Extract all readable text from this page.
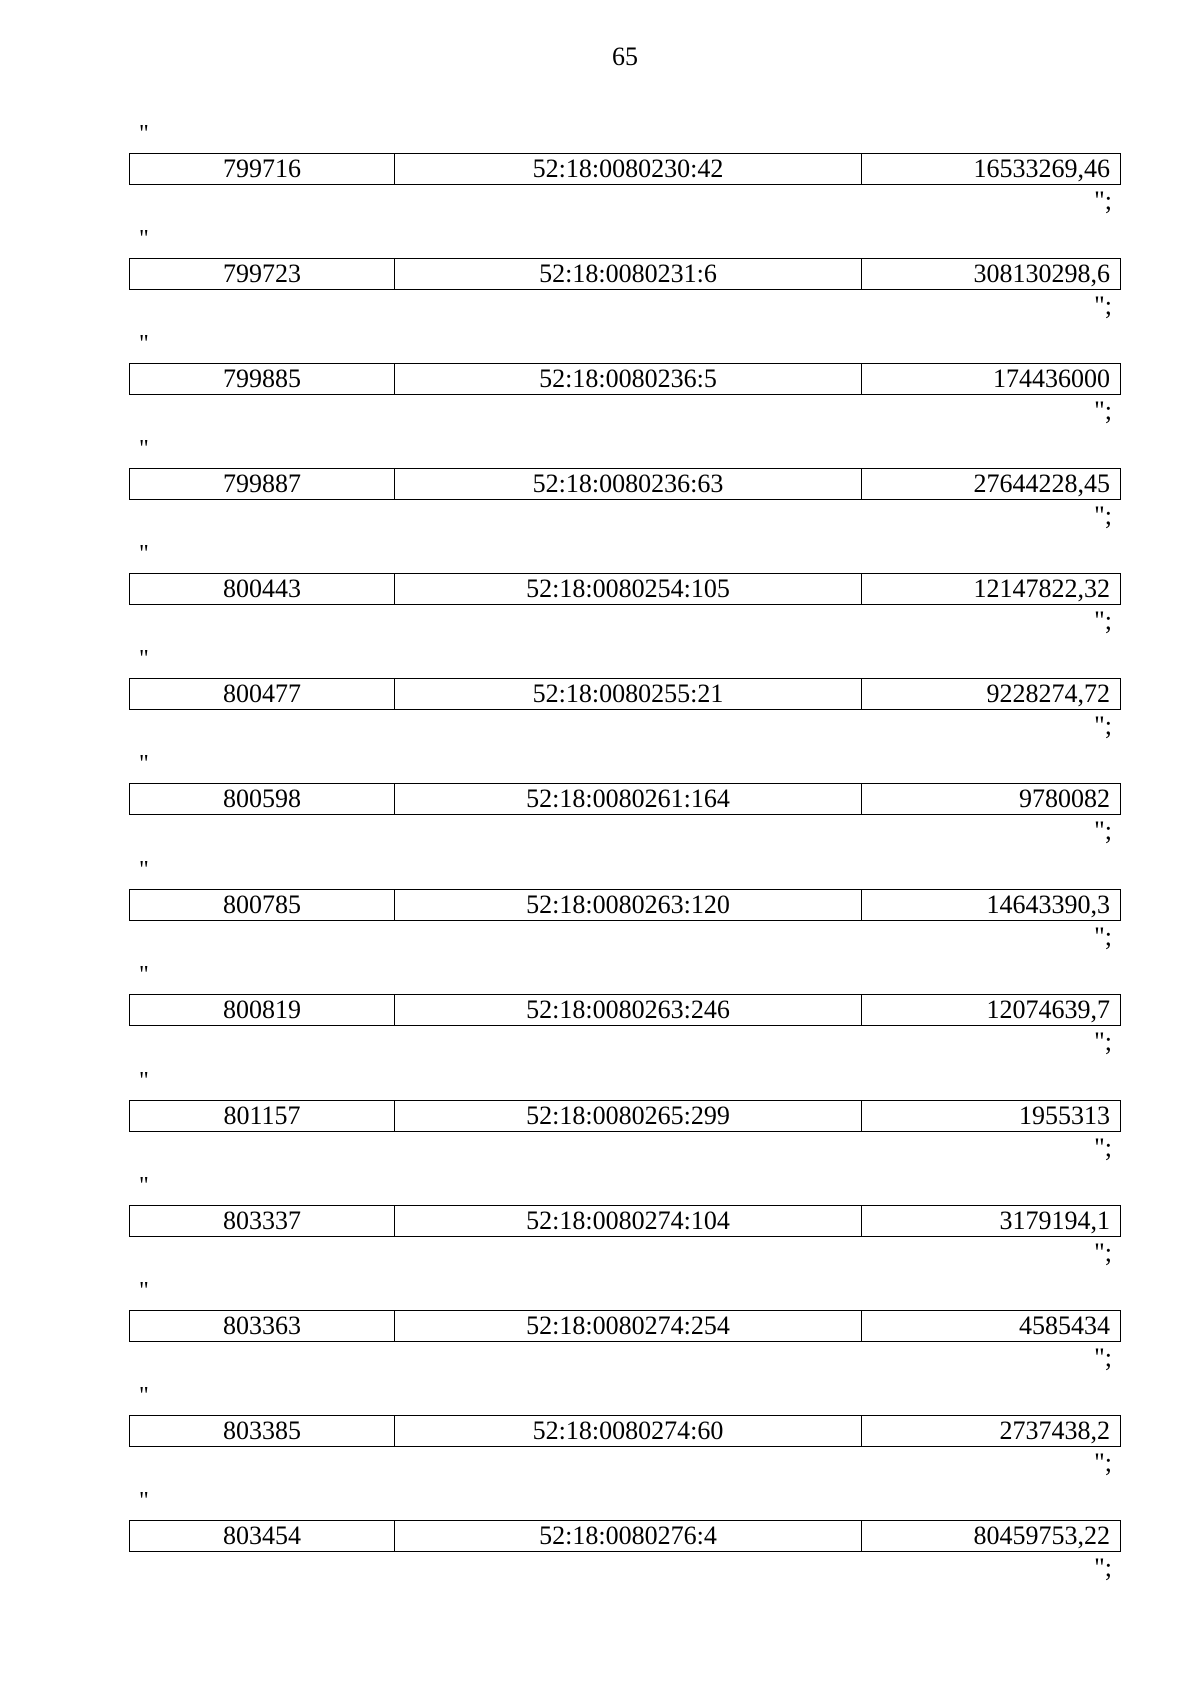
65
"
799716	52:18:0080230:42	16533269,46
";
"
799723	52:18:0080231:6	308130298,6
";
"
799885	52:18:0080236:5	174436000
";
"
799887	52:18:0080236:63	27644228,45
";
"
800443	52:18:0080254:105	12147822,32
";
"
800477	52:18:0080255:21	9228274,72
";
"
800598	52:18:0080261:164	9780082
";
"
800785	52:18:0080263:120	14643390,3
";
"
800819	52:18:0080263:246	12074639,7
";
"
801157	52:18:0080265:299	1955313
";
"
803337	52:18:0080274:104	3179194,1
";
"
803363	52:18:0080274:254	4585434
";
"
803385	52:18:0080274:60	2737438,2
";
"
803454	52:18:0080276:4	80459753,22
";
